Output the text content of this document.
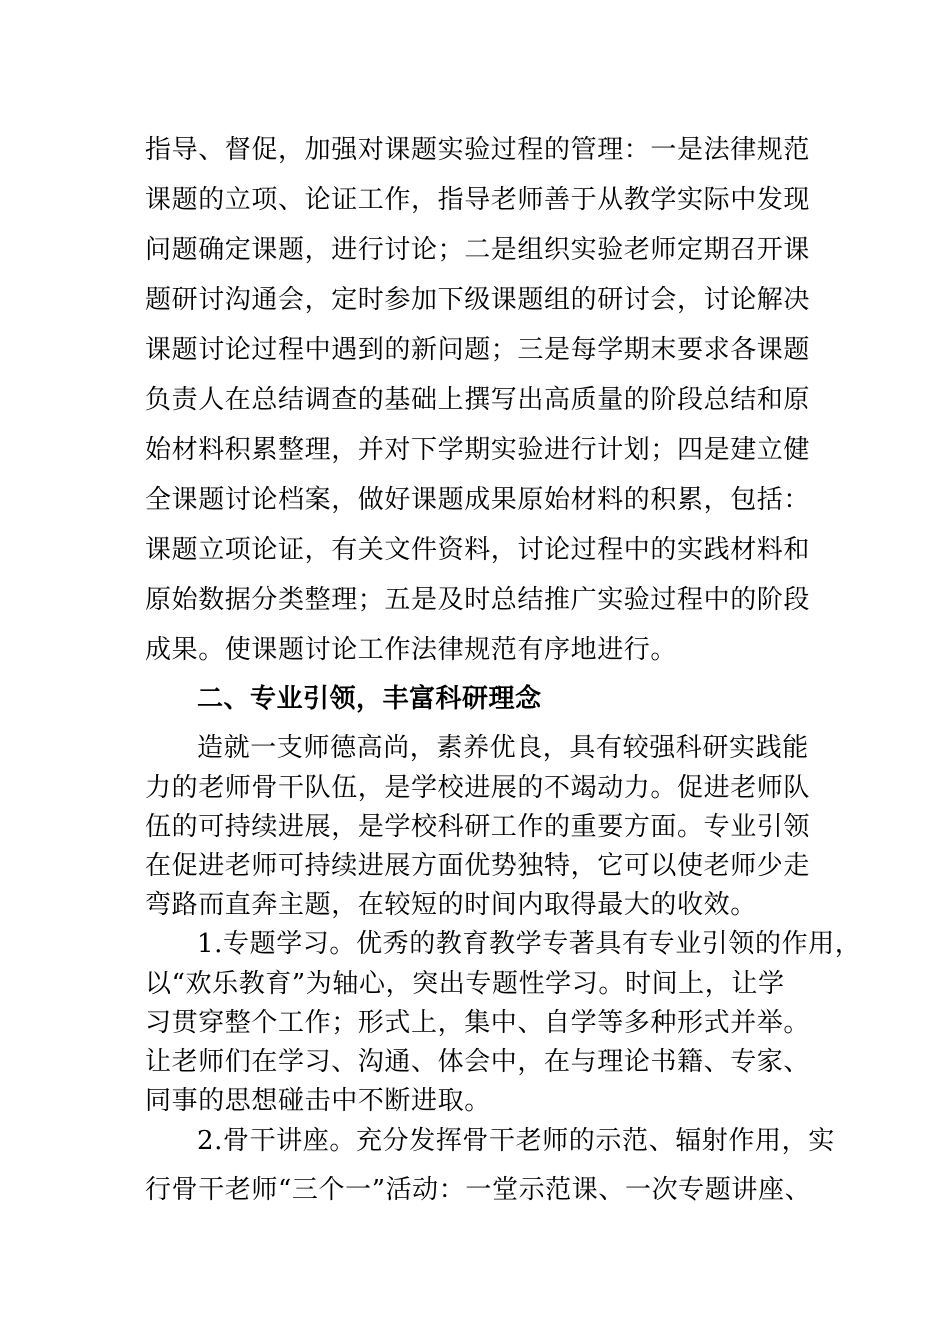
指导、督促，加强对课题实验过程的管理：一是法律规范
课题的立项、论证工作，指导老师善于从教学实际中发现
问题确定课题，进行讨论；二是组织实验老师定期召开课
题研讨沟通会，定时参加下级课题组的研讨会，讨论解决
课题讨论过程中遇到的新问题；三是每学期末要求各课题
负责人在总结调查的基础上撰写出高质量的阶段总结和原
始材料积累整理，并对下学期实验进行计划；四是建立健
全课题讨论档案，做好课题成果原始材料的积累，包括：
课题立项论证，有关文件资料，讨论过程中的实践材料和
原始数据分类整理；五是及时总结推广实验过程中的阶段
成果。使课题讨论工作法律规范有序地进行。
二、专业引领，丰富科研理念
造就一支师德高尚，素养优良，具有较强科研实践能
力的老师骨干队伍，是学校进展的不竭动力。促进老师队
伍的可持续进展，是学校科研工作的重要方面。专业引领
在促进老师可持续进展方面优势独特，它可以使老师少走
弯路而直奔主题，在较短的时间内取得最大的收效。
1.专题学习。优秀的教育教学专著具有专业引领的作用，
以“欢乐教育”为轴心，突出专题性学习。时间上，让学
习贯穿整个工作；形式上，集中、自学等多种形式并举。
让老师们在学习、沟通、体会中，在与理论书籍、专家、
同事的思想碰击中不断进取。
2.骨干讲座。充分发挥骨干老师的示范、辐射作用，实
行骨干老师“三个一”活动：一堂示范课、一次专题讲座、
